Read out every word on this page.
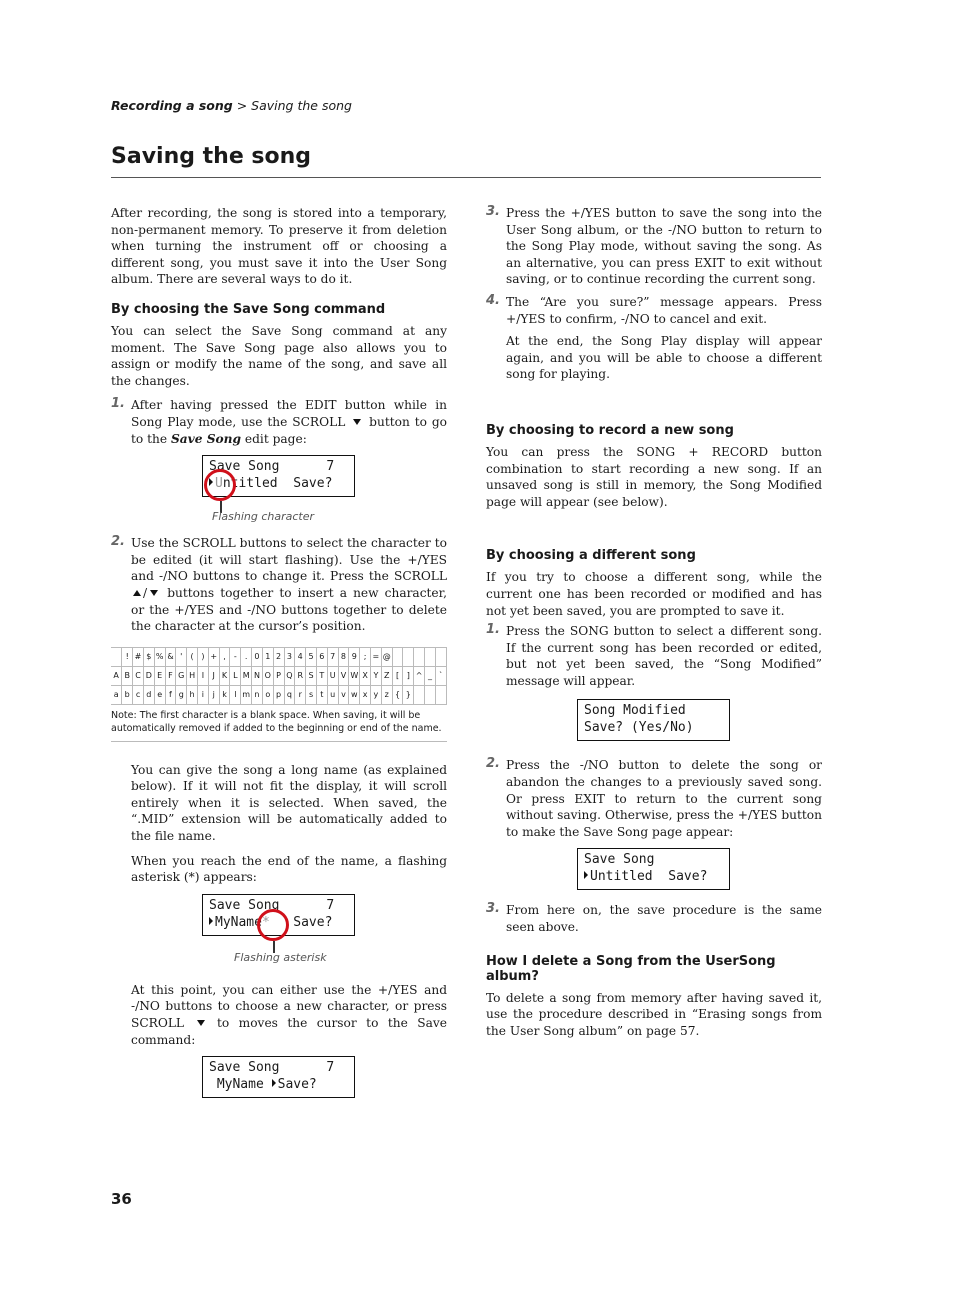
Recording a song > Saving the song
Saving the song

After recording, the song is stored into a temporary, non-permanent memory. To preserve it from deletion when turning the instrument off or choosing a different song, you must save it into the User Song album. There are several ways to do it.

By choosing the Save Song command

You can select the Save Song command at any moment. The Save Song page also allows you to assign or modify the name of the song, and save all the changes.

1. After having pressed the EDIT button while in Song Play mode, use the SCROLL button to go to the Save Song edit page:
Save Song      7
Untitled  Save?
Flashing character
2. Use the SCROLL buttons to select the character to be edited (it will start flashing). Use the +/YES and -/NO buttons to change it. Press the SCROLL / buttons together to insert a new character, or the +/YES and -/NO buttons together to delete the character at the cursor’s position.
	!	#	$	%	&	'	(	)	+	,	-	.	0	1	2	3	4	5	6	7	8	9	;	=	@					
A	B	C	D	E	F	G	H	I	J	K	L	M	N	O	P	Q	R	S	T	U	V	W	X	Y	Z	[	]	^	_	`
a	b	c	d	e	f	g	h	i	j	k	l	m	n	o	p	q	r	s	t	u	v	w	x	y	z	{	}			
Note: The first character is a blank space. When saving, it will be automatically removed if added to the beginning or end of the name.

You can give the song a long name (as explained below). If it will not fit the display, it will scroll entirely when it is selected. When saved, the “.MID” extension will be automatically added to the file name.

When you reach the end of the name, a flashing asterisk (*) appears:

Save Song      7
MyName*   Save?
Flashing asterisk

At this point, you can either use the +/YES and -/NO buttons to choose a new character, or press SCROLL	to moves the cursor to the Save command:

Save Song      7
MyName Save?
3. Press the +/YES button to save the song into the User Song album, or the -/NO button to return to the Song Play mode, without saving the song. As an alternative, you can press EXIT to exit without saving, or to continue recording the current song.
4. The “Are you sure?” message appears. Press +/YES to confirm, -/NO to cancel and exit.

At the end, the Song Play display will appear again, and you will be able to choose a different song for playing.

By choosing to record a new song

You can press the SONG + RECORD button combination to start recording a new song. If an unsaved song is still in memory, the Song Modified page will appear (see below).

By choosing a different song

If you try to choose a different song, while the current one has been recorded or modified and has not yet been saved, you are prompted to save it.

1. Press the SONG button to select a different song. If the current song has been recorded or edited, but not yet been saved, the “Song Modified” message will appear.
Song Modified
Save? (Yes/No)
2. Press the -/NO button to delete the song or abandon the changes to a previously saved song. Or press EXIT to return to the current song without saving. Otherwise, press the +/YES button to make the Save Song page appear:
Save Song
Untitled  Save?
3. From here on, the save procedure is the same seen above.
How I delete a Song from the UserSong album?

To delete a song from memory after having saved it, use the procedure described in “Erasing songs from the User Song album” on page 57.

36
